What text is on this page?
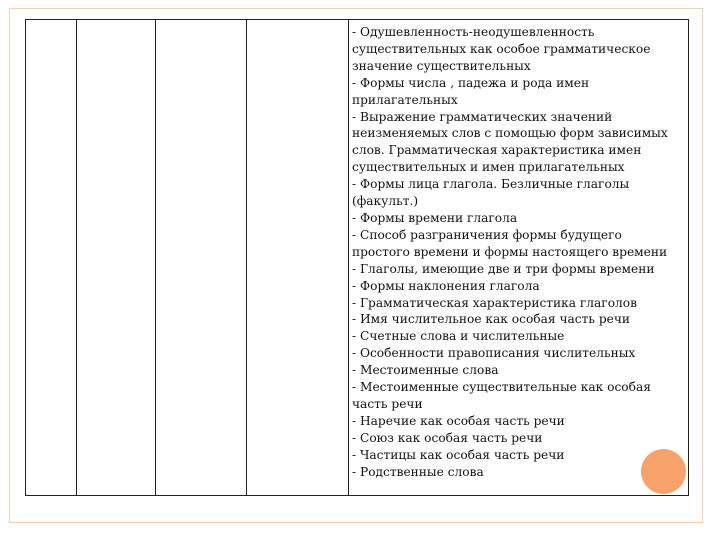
- Одушевленность-неодушевленность
существительных как особое грамматическое
значение существительных
- Формы числа , падежа и рода имен
прилагательных
- Выражение грамматических значений
неизменяемых слов с помощью форм зависимых
слов. Грамматическая характеристика имен
существительных и имен прилагательных
- Формы лица глагола. Безличные глаголы
(факульт.)
- Формы времени глагола
- Способ разграничения формы будущего
простого времени и формы настоящего времени
- Глаголы, имеющие две и три формы времени
- Формы наклонения глагола
- Грамматическая характеристика глаголов
- Имя числительное как особая часть речи
- Счетные слова и числительные
- Особенности правописания числительных
- Местоименные слова
- Местоименные существительные как особая
часть речи
- Наречие как особая часть речи
- Союз как особая часть речи
- Частицы как особая часть речи
- Родственные слова
